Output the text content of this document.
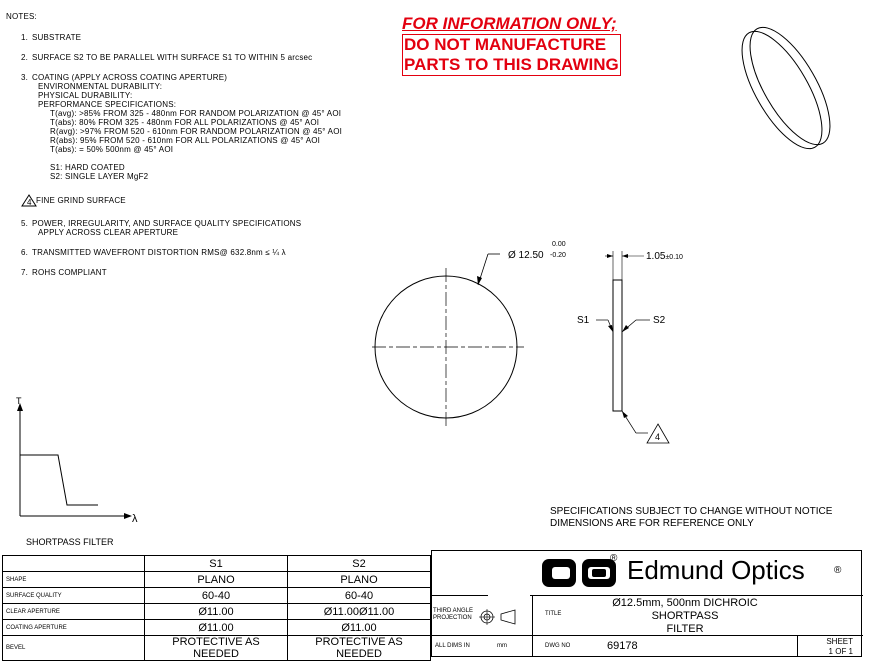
NOTES:
1. SUBSTRATE
2. SURFACE S2 TO BE PARALLEL WITH SURFACE S1 TO WITHIN 5 arcsec
3. COATING (APPLY ACROSS COATING APERTURE)
ENVIRONMENTAL DURABILITY:
PHYSICAL DURABILITY:
PERFORMANCE SPECIFICATIONS:
T(avg): >85% FROM 325 - 480nm FOR RANDOM POLARIZATION @ 45° AOI
T(abs): 80% FROM 325 - 480nm FOR ALL POLARIZATIONS @ 45° AOI
R(avg): >97% FROM 520 - 610nm FOR RANDOM POLARIZATION @ 45° AOI
R(abs): 95% FROM 520 - 610nm FOR ALL POLARIZATIONS @ 45° AOI
T(abs): = 50% 500nm @ 45° AOI
S1: HARD COATED
S2: SINGLE LAYER MgF2
4 FINE GRIND SURFACE
5. POWER, IRREGULARITY, AND SURFACE QUALITY SPECIFICATIONS
APPLY ACROSS CLEAR APERTURE
6. TRANSMITTED WAVEFRONT DISTORTION RMS@ 632.8nm ≤ ¼ λ
7. ROHS COMPLIANT
FOR INFORMATION ONLY;
DO NOT MANUFACTURE
PARTS TO THIS DRAWING
Ø 12.50
0.00
-0.20	1.05±0.10
S1	S2
4
T
λ
SHORTPASS FILTER
SPECIFICATIONS SUBJECT TO CHANGE WITHOUT NOTICE
DIMENSIONS ARE FOR REFERENCE ONLY
	S1	S2
SHAPE	PLANO	PLANO
SURFACE QUALITY	60-40	60-40
CLEAR APERTURE	Ø11.00	Ø11.00Ø11.00
COATING APERTURE	Ø11.00	Ø11.00
BEVEL	PROTECTIVE AS NEEDED	PROTECTIVE AS NEEDED
® Edmund Optics	®
THIRD ANGLE PROJECTION
TITLE
Ø12.5mm, 500nm DICHROIC SHORTPASS
FILTER
ALL DIMS IN	mm	DWG NO	69178	SHEET
1 OF 1
